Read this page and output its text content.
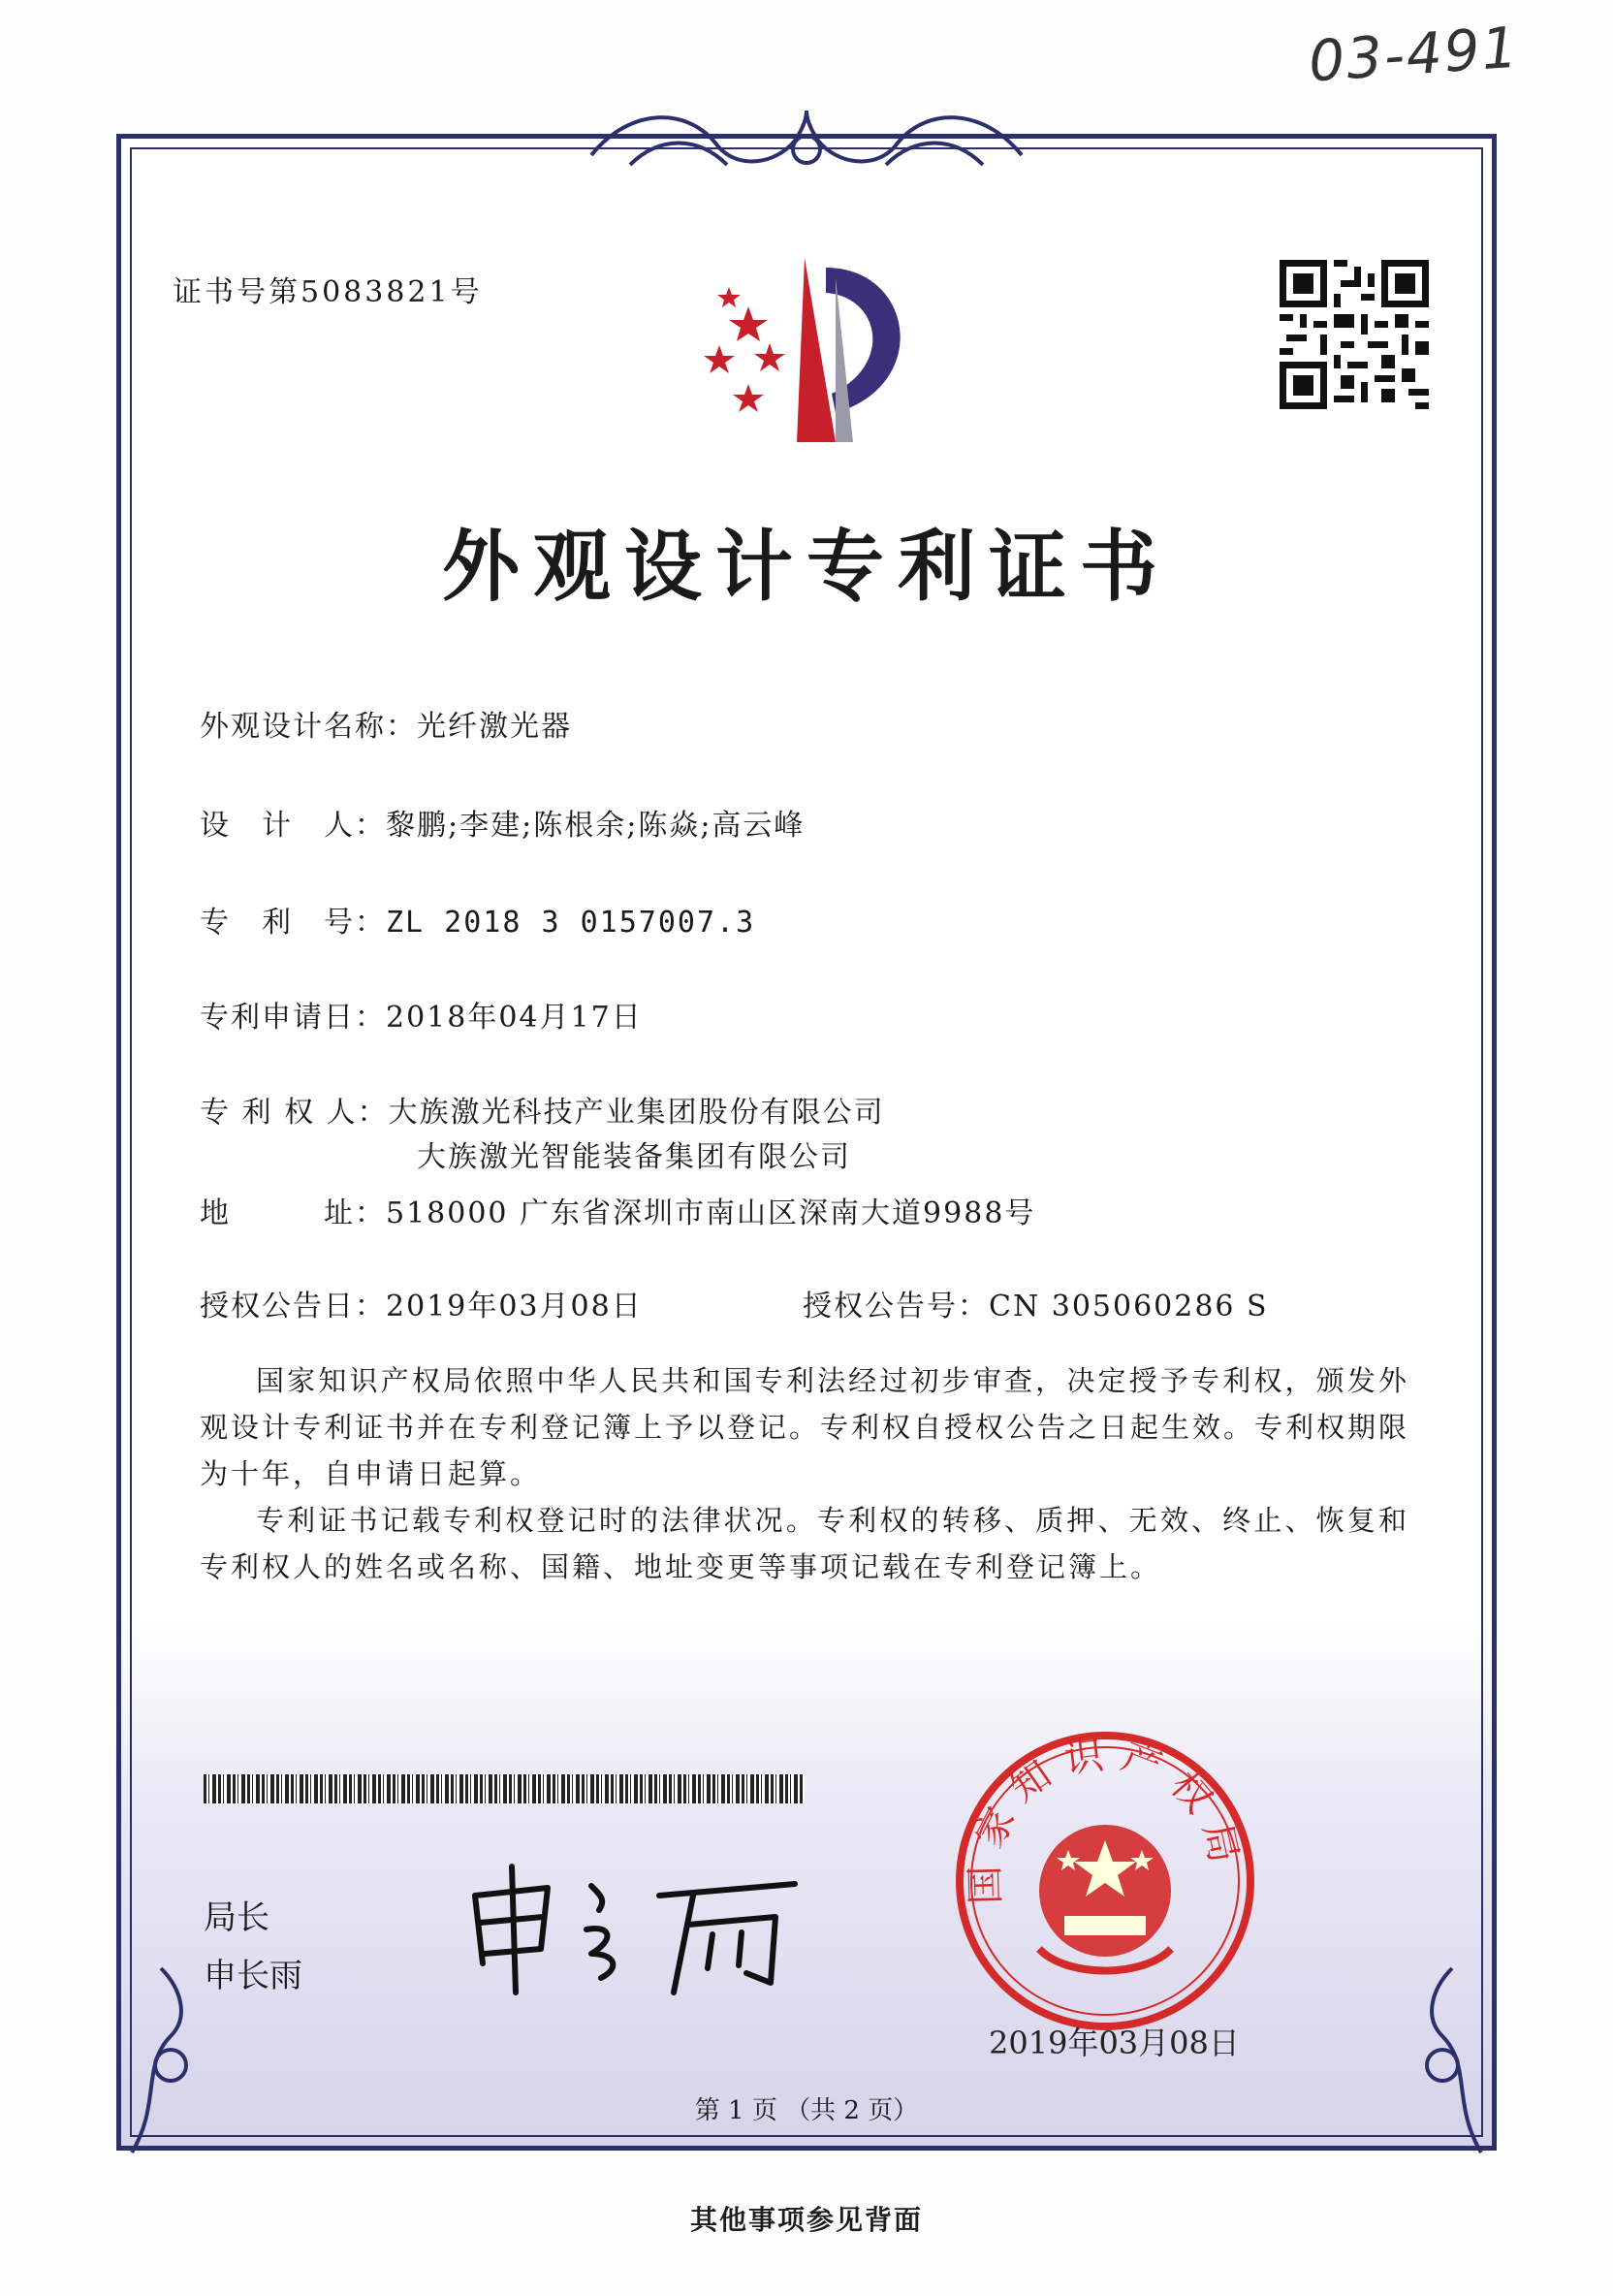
03-491
证书号第5083821号
外观设计专利证书
外观设计名称：光纤激光器
设　计　人：黎鹏;李建;陈根余;陈焱;高云峰
专　利　号：ZL 2018 3 0157007.3
专利申请日：2018年04月17日
专 利 权 人：大族激光科技产业集团股份有限公司
大族激光智能装备集团有限公司
地　　　址：518000 广东省深圳市南山区深南大道9988号
授权公告日：2019年03月08日	授权公告号：CN 305060286 S

国家知识产权局依照中华人民共和国专利法经过初步审查，决定授予专利权，颁发外观设计专利证书并在专利登记簿上予以登记。专利权自授权公告之日起生效。专利权期限为十年，自申请日起算。

专利证书记载专利权登记时的法律状况。专利权的转移、质押、无效、终止、恢复和专利权人的姓名或名称、国籍、地址变更等事项记载在专利登记簿上。

局长
申长雨
国家知识产权局
2019年03月08日
第 1 页 （共 2 页）
其他事项参见背面
